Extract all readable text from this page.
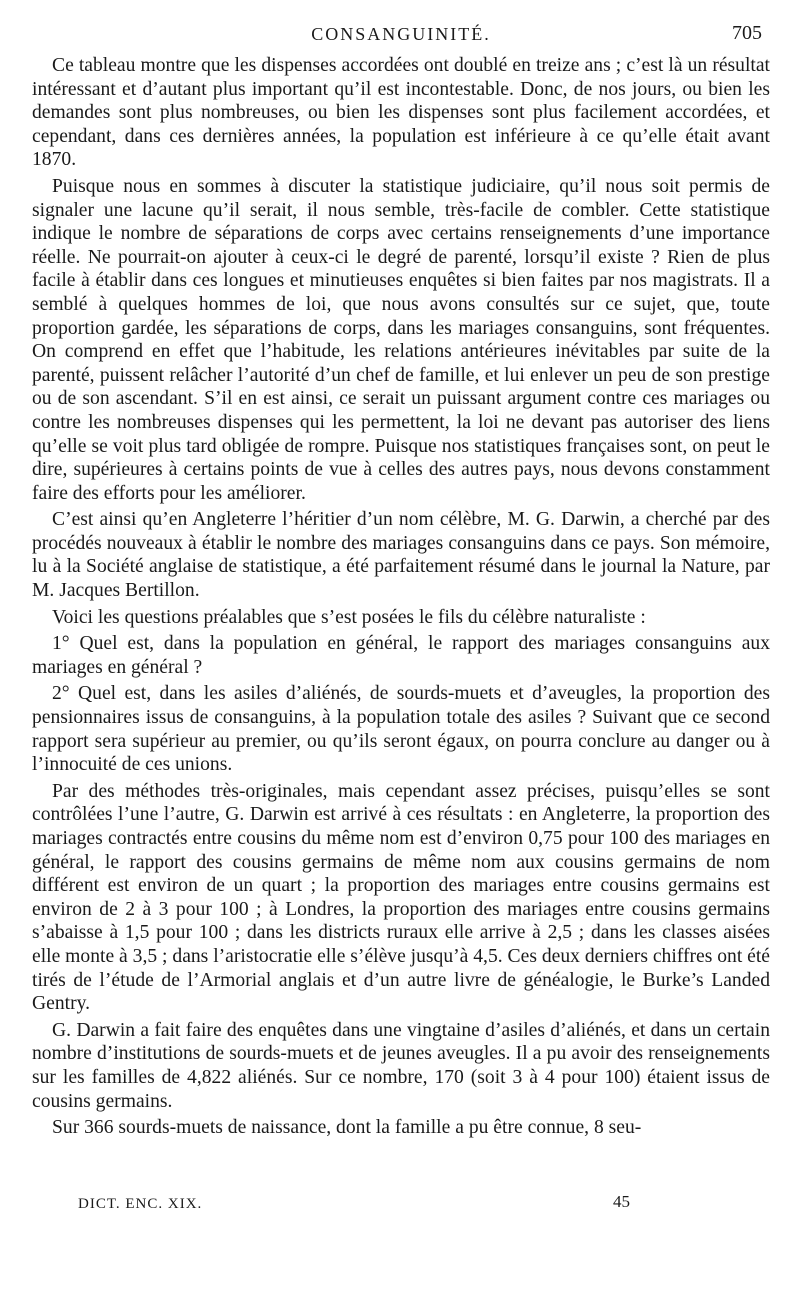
CONSANGUINITÉ.	705

Ce tableau montre que les dispenses accordées ont doublé en treize ans ; c’est là un résultat intéressant et d’autant plus important qu’il est incontestable. Donc, de nos jours, ou bien les demandes sont plus nombreuses, ou bien les dispenses sont plus facilement accordées, et cependant, dans ces dernières années, la population est inférieure à ce qu’elle était avant 1870.

Puisque nous en sommes à discuter la statistique judiciaire, qu’il nous soit permis de signaler une lacune qu’il serait, il nous semble, très-facile de combler. Cette statistique indique le nombre de séparations de corps avec certains renseignements d’une importance réelle. Ne pourrait-on ajouter à ceux-ci le degré de parenté, lorsqu’il existe ? Rien de plus facile à établir dans ces longues et minutieuses enquêtes si bien faites par nos magistrats. Il a semblé à quelques hommes de loi, que nous avons consultés sur ce sujet, que, toute proportion gardée, les séparations de corps, dans les mariages consanguins, sont fréquentes. On comprend en effet que l’habitude, les relations antérieures inévitables par suite de la parenté, puissent relâcher l’autorité d’un chef de famille, et lui enlever un peu de son prestige ou de son ascendant. S’il en est ainsi, ce serait un puissant argument contre ces mariages ou contre les nombreuses dispenses qui les permettent, la loi ne devant pas autoriser des liens qu’elle se voit plus tard obligée de rompre. Puisque nos statistiques françaises sont, on peut le dire, supérieures à certains points de vue à celles des autres pays, nous devons constamment faire des efforts pour les améliorer.

C’est ainsi qu’en Angleterre l’héritier d’un nom célèbre, M. G. Darwin, a cherché par des procédés nouveaux à établir le nombre des mariages consanguins dans ce pays. Son mémoire, lu à la Société anglaise de statistique, a été parfaitement résumé dans le journal la Nature, par M. Jacques Bertillon.

Voici les questions préalables que s’est posées le fils du célèbre naturaliste :

1° Quel est, dans la population en général, le rapport des mariages consanguins aux mariages en général ?

2° Quel est, dans les asiles d’aliénés, de sourds-muets et d’aveugles, la proportion des pensionnaires issus de consanguins, à la population totale des asiles ? Suivant que ce second rapport sera supérieur au premier, ou qu’ils seront égaux, on pourra conclure au danger ou à l’innocuité de ces unions.

Par des méthodes très-originales, mais cependant assez précises, puisqu’elles se sont contrôlées l’une l’autre, G. Darwin est arrivé à ces résultats : en Angleterre, la proportion des mariages contractés entre cousins du même nom est d’environ 0,75 pour 100 des mariages en général, le rapport des cousins germains de même nom aux cousins germains de nom différent est environ de un quart ; la proportion des mariages entre cousins germains est environ de 2 à 3 pour 100 ; à Londres, la proportion des mariages entre cousins germains s’abaisse à 1,5 pour 100 ; dans les districts ruraux elle arrive à 2,5 ; dans les classes aisées elle monte à 3,5 ; dans l’aristocratie elle s’élève jusqu’à 4,5. Ces deux derniers chiffres ont été tirés de l’étude de l’Armorial anglais et d’un autre livre de généalogie, le Burke’s Landed Gentry.

G. Darwin a fait faire des enquêtes dans une vingtaine d’asiles d’aliénés, et dans un certain nombre d’institutions de sourds-muets et de jeunes aveugles. Il a pu avoir des renseignements sur les familles de 4,822 aliénés. Sur ce nombre, 170 (soit 3 à 4 pour 100) étaient issus de cousins germains.

Sur 366 sourds-muets de naissance, dont la famille a pu être connue, 8 seu-

DICT. ENC. XIX.	45
